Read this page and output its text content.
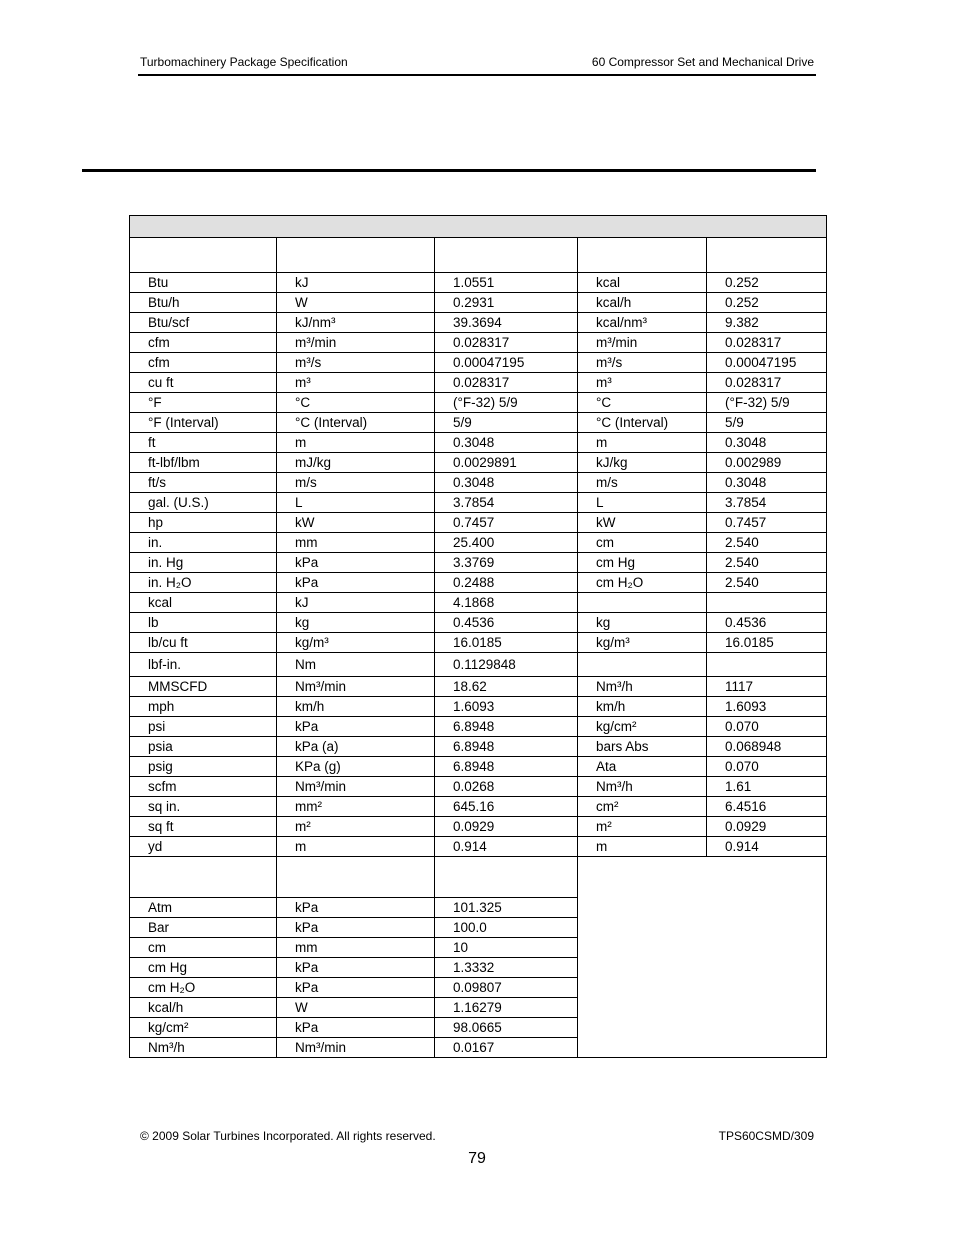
Turbomachinery Package Specification	60 Compressor Set and Mechanical Drive

Btu	kJ	1.0551	kcal	0.252
Btu/h	W	0.2931	kcal/h	0.252
Btu/scf	kJ/nm³	39.3694	kcal/nm³	9.382
cfm	m³/min	0.028317	m³/min	0.028317
cfm	m³/s	0.00047195	m³/s	0.00047195
cu ft	m³	0.028317	m³	0.028317
°F	°C	(°F-32) 5/9	°C	(°F-32) 5/9
°F (Interval)	°C (Interval)	5/9	°C (Interval)	5/9
ft	m	0.3048	m	0.3048
ft-lbf/lbm	mJ/kg	0.0029891	kJ/kg	0.002989
ft/s	m/s	0.3048	m/s	0.3048
gal. (U.S.)	L	3.7854	L	3.7854
hp	kW	0.7457	kW	0.7457
in.	mm	25.400	cm	2.540
in. Hg	kPa	3.3769	cm Hg	2.540
in. H₂O	kPa	0.2488	cm H₂O	2.540
kcal	kJ	4.1868		
lb	kg	0.4536	kg	0.4536
lb/cu ft	kg/m³	16.0185	kg/m³	16.0185
lbf-in.	Nm	0.1129848		
MMSCFD	Nm³/min	18.62	Nm³/h	1117
mph	km/h	1.6093	km/h	1.6093
psi	kPa	6.8948	kg/cm²	0.070
psia	kPa (a)	6.8948	bars Abs	0.068948
psig	KPa (g)	6.8948	Ata	0.070
scfm	Nm³/min	0.0268	Nm³/h	1.61
sq in.	mm²	645.16	cm²	6.4516
sq ft	m²	0.0929	m²	0.0929
yd	m	0.914	m	0.914

Atm	kPa	101.325		
Bar	kPa	100.0		
cm	mm	10		
cm Hg	kPa	1.3332		
cm H₂O	kPa	0.09807		
kcal/h	W	1.16279		
kg/cm²	kPa	98.0665		
Nm³/h	Nm³/min	0.0167		
© 2009 Solar Turbines Incorporated. All rights reserved.	TPS60CSMD/309
79
